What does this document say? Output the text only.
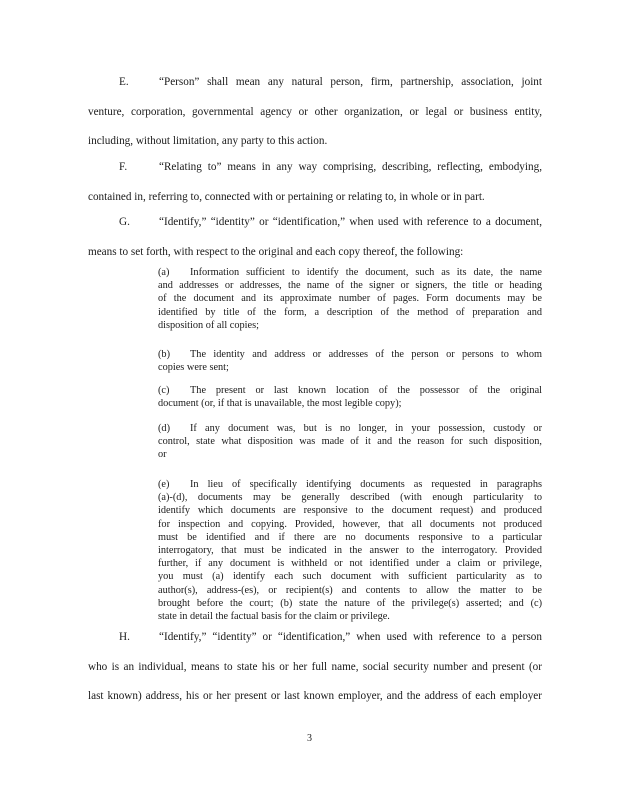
E.	“Person” shall mean any natural person, firm, partnership, association, joint
venture, corporation, governmental agency or other organization, or legal or business entity,
including, without limitation, any party to this action.
F.	“Relating to” means in any way comprising, describing, reflecting, embodying,
contained in, referring to, connected with or pertaining or relating to, in whole or in part.
G.	“Identify,” “identity” or “identification,” when used with reference to a document,
means to set forth, with respect to the original and each copy thereof, the following:
(a) Information sufficient to identify the document, such as its date, the name
and addresses or addresses, the name of the signer or signers, the title or heading
of the document and its approximate number of pages. Form documents may be
identified by title of the form, a description of the method of preparation and
disposition of all copies;
(b) The identity and address or addresses of the person or persons to whom
copies were sent;
(c) The present or last known location of the possessor of the original
document (or, if that is unavailable, the most legible copy);
(d) If any document was, but is no longer, in your possession, custody or
control, state what disposition was made of it and the reason for such disposition,
or
(e) In lieu of specifically identifying documents as requested in paragraphs
(a)-(d), documents may be generally described (with enough particularity to
identify which documents are responsive to the document request) and produced
for inspection and copying. Provided, however, that all documents not produced
must be identified and if there are no documents responsive to a particular
interrogatory, that must be indicated in the answer to the interrogatory. Provided
further, if any document is withheld or not identified under a claim or privilege,
you must (a) identify each such document with sufficient particularity as to
author(s), address-(es), or recipient(s) and contents to allow the matter to be
brought before the court; (b) state the nature of the privilege(s) asserted; and (c)
state in detail the factual basis for the claim or privilege.
H.	“Identify,” “identity” or “identification,” when used with reference to a person
who is an individual, means to state his or her full name, social security number and present (or
last known) address, his or her present or last known employer, and the address of each employer
3
